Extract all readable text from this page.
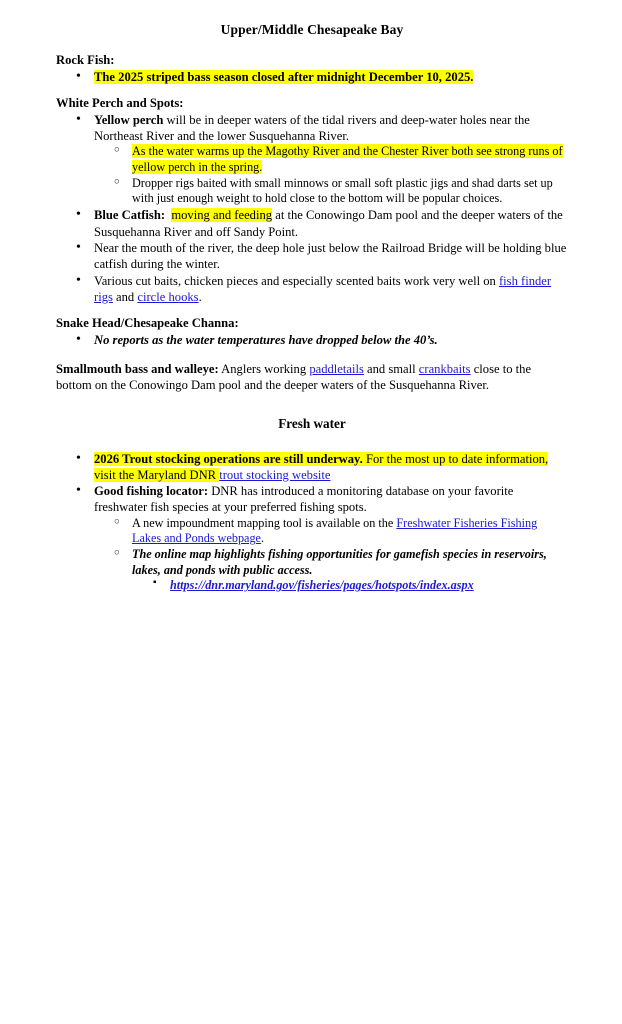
Upper/Middle Chesapeake Bay
Rock Fish:
• The 2025 striped bass season closed after midnight December 10, 2025.
White Perch and Spots:
• Yellow perch will be in deeper waters of the tidal rivers and deep-water holes near the Northeast River and the lower Susquehanna River.
○ As the water warms up the Magothy River and the Chester River both see strong runs of yellow perch in the spring.
○ Dropper rigs baited with small minnows or small soft plastic jigs and shad darts set up with just enough weight to hold close to the bottom will be popular choices.
• Blue Catfish: moving and feeding at the Conowingo Dam pool and the deeper waters of the Susquehanna River and off Sandy Point.
• Near the mouth of the river, the deep hole just below the Railroad Bridge will be holding blue catfish during the winter.
• Various cut baits, chicken pieces and especially scented baits work very well on fish finder rigs and circle hooks.
Snake Head/Chesapeake Channa:
• No reports as the water temperatures have dropped below the 40’s.

Smallmouth bass and walleye: Anglers working paddletails and small crankbaits close to the bottom on the Conowingo Dam pool and the deeper waters of the Susquehanna River.

Fresh water
• 2026 Trout stocking operations are still underway. For the most up to date information, visit the Maryland DNR trout stocking website
• Good fishing locator: DNR has introduced a monitoring database on your favorite freshwater fish species at your preferred fishing spots.
○ A new impoundment mapping tool is available on the Freshwater Fisheries Fishing Lakes and Ponds webpage.
○ The online map highlights fishing opportunities for gamefish species in reservoirs, lakes, and ponds with public access.
▪ https://dnr.maryland.gov/fisheries/pages/hotspots/index.aspx
